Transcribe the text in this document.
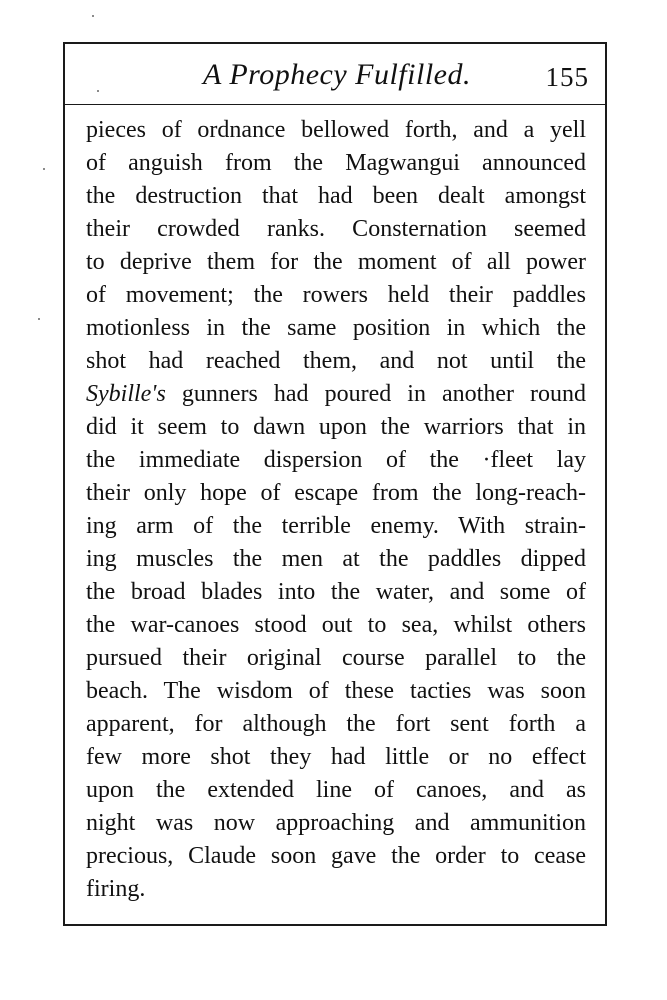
A Prophecy Fulfilled.	155
pieces of ordnance bellowed forth, and a yell
of anguish from the Magwangui announced
the destruction that had been dealt amongst
their crowded ranks. Consternation seemed
to deprive them for the moment of all power
of movement; the rowers held their paddles
motionless in the same position in which the
shot had reached them, and not until the
Sybille's gunners had poured in another round
did it seem to dawn upon the warriors that in
the immediate dispersion of the ·fleet lay
their only hope of escape from the long-reach-
ing arm of the terrible enemy. With strain-
ing muscles the men at the paddles dipped
the broad blades into the water, and some of
the war-canoes stood out to sea, whilst others
pursued their original course parallel to the
beach. The wisdom of these tacties was soon
apparent, for although the fort sent forth a
few more shot they had little or no effect
upon the extended line of canoes, and as
night was now approaching and ammunition
precious, Claude soon gave the order to cease
firing.
